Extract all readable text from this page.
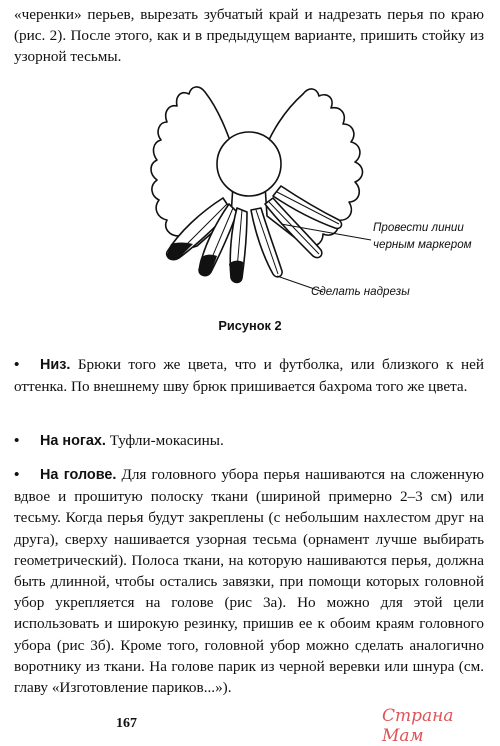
«черенки» перьев, вырезать зубчатый край и надрезать перья по краю (рис. 2). После этого, как и в предыдущем варианте, пришить стойку из узорной тесьмы.

Провести линии
черным маркером
Сделать надрезы
Рисунок 2

• Низ. Брюки того же цвета, что и футболка, или близкого к ней оттенка. По внешнему шву брюк пришивается бахрома того же цвета.

• На ногах. Туфли-мокасины.

• На голове. Для головного убора перья нашиваются на сложенную вдвое и прошитую полоску ткани (шириной примерно 2–3 см) или тесьму. Когда перья будут закреплены (с небольшим нахлестом друг на друга), сверху нашивается узорная тесьма (орнамент лучше выбирать геометрический). Полоса ткани, на которую нашиваются перья, должна быть длинной, чтобы остались завязки, при помощи которых головной убор укрепляется на голове (рис 3а). Но можно для этой цели использовать и широкую резинку, пришив ее к обоим краям головного убора (рис 3б). Кроме того, головной убор можно сделать аналогично воротнику из ткани. На голове парик из черной веревки или шнура (см. главу «Изготовление париков...»).

167	Страна Мам
